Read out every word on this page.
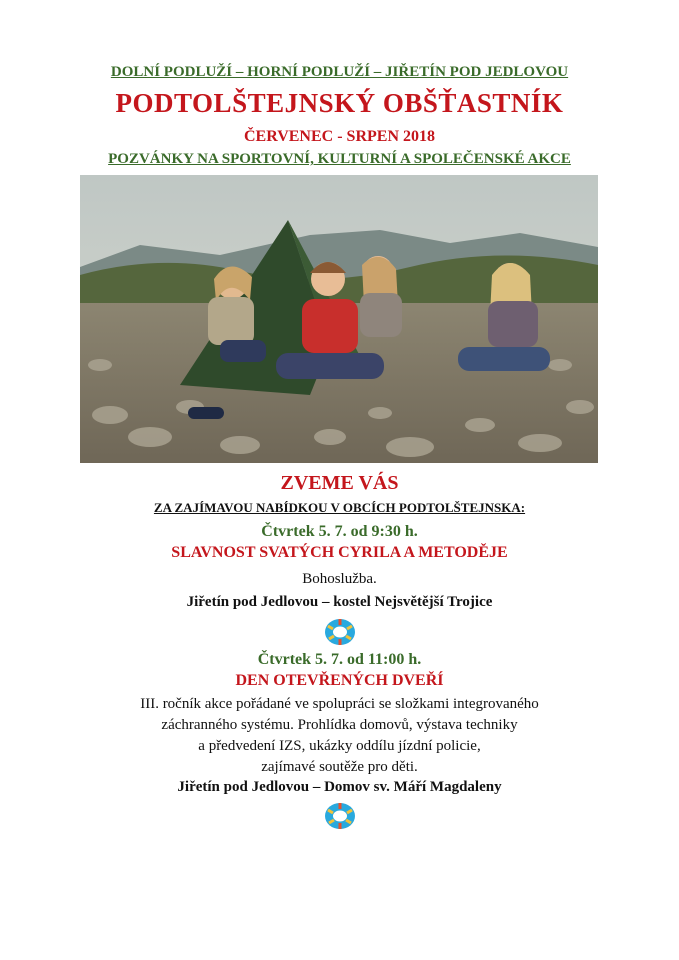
DOLNÍ PODLUŽÍ – HORNÍ PODLUŽÍ – JIŘETÍN POD JEDLOVOU
PODTOLŠTEJNSKÝ OBŠŤASTNÍK
ČERVENEC - SRPEN 2018
POZVÁNKY NA SPORTOVNÍ, KULTURNÍ A SPOLEČENSKÉ AKCE
ZVEME VÁS
ZA ZAJÍMAVOU NABÍDKOU V OBCÍCH PODTOLŠTEJNSKA:
Čtvrtek 5. 7. od 9:30 h.
SLAVNOST SVATÝCH CYRILA A METODĚJE
Bohoslužba.
Jiřetín pod Jedlovou – kostel Nejsvětější Trojice
Čtvrtek 5. 7. od 11:00 h.
DEN OTEVŘENÝCH DVEŘÍ
III. ročník akce pořádané ve spolupráci se složkami integrovaného
záchranného systému. Prohlídka domovů, výstava techniky
a předvedení IZS, ukázky oddílu jízdní policie,
zajímavé soutěže pro děti.
Jiřetín pod Jedlovou – Domov sv. Máří Magdaleny
